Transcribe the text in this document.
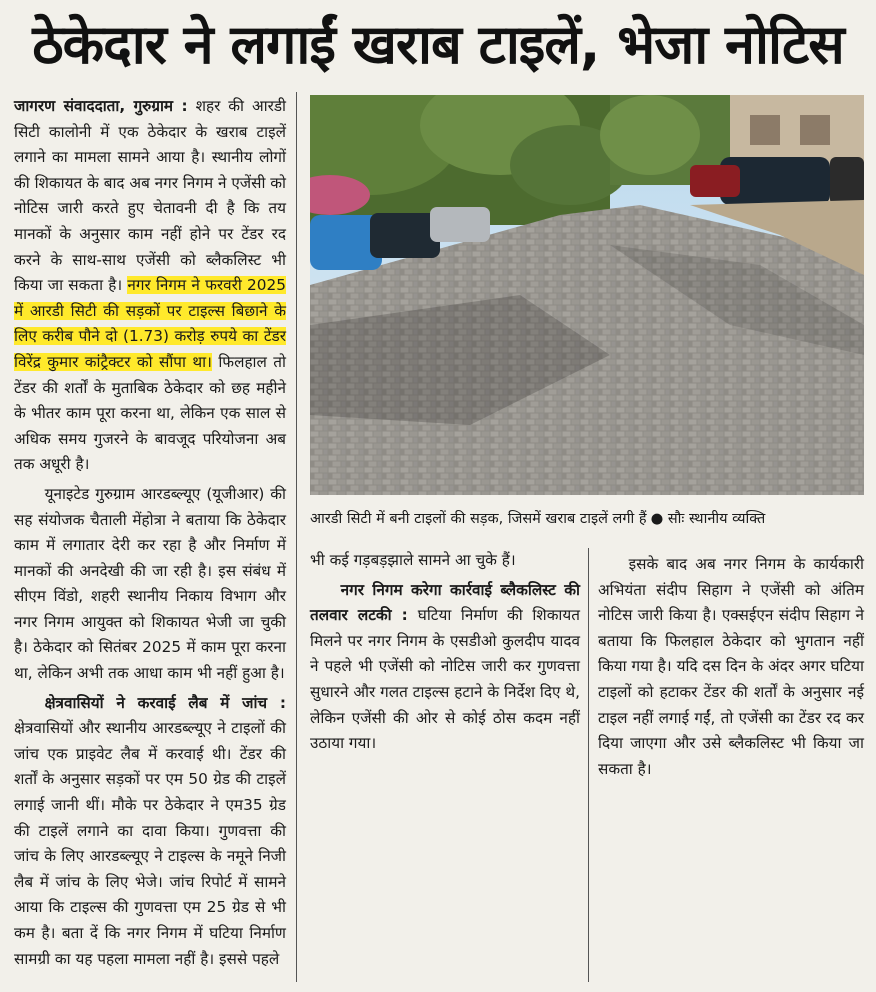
ठेकेदार ने लगाईं खराब टाइलें, भेजा नोटिस

जागरण संवाददाता, गुरुग्राम : शहर की आरडी सिटी कालोनी में एक ठेकेदार के खराब टाइलें लगाने का मामला सामने आया है। स्थानीय लोगों की शिकायत के बाद अब नगर निगम ने एजेंसी को नोटिस जारी करते हुए चेतावनी दी है कि तय मानकों के अनुसार काम नहीं होने पर टेंडर रद करने के साथ-साथ एजेंसी को ब्लैकलिस्ट भी किया जा सकता है। नगर निगम ने फरवरी 2025 में आरडी सिटी की सड़कों पर टाइल्स बिछाने के लिए करीब पौने दो (1.73) करोड़ रुपये का टेंडर विरेंद्र कुमार कांट्रैक्टर को सौंपा था। फिलहाल तो टेंडर की शर्तों के मुताबिक ठेकेदार को छह महीने के भीतर काम पूरा करना था, लेकिन एक साल से अधिक समय गुजरने के बावजूद परियोजना अब तक अधूरी है।

यूनाइटेड गुरुग्राम आरडब्ल्यूए (यूजीआर) की सह संयोजक चैताली मेंहोत्रा ने बताया कि ठेकेदार काम में लगातार देरी कर रहा है और निर्माण में मानकों की अनदेखी की जा रही है। इस संबंध में सीएम विंडो, शहरी स्थानीय निकाय विभाग और नगर निगम आयुक्त को शिकायत भेजी जा चुकी है। ठेकेदार को सितंबर 2025 में काम पूरा करना था, लेकिन अभी तक आधा काम भी नहीं हुआ है।

क्षेत्रवासियों ने करवाई लैब में जांच : क्षेत्रवासियों और स्थानीय आरडब्ल्यूए ने टाइलों की जांच एक प्राइवेट लैब में करवाई थी। टेंडर की शर्तों के अनुसार सड़कों पर एम 50 ग्रेड की टाइलें लगाई जानी थीं। मौके पर ठेकेदार ने एम35 ग्रेड की टाइलें लगाने का दावा किया। गुणवत्ता की जांच के लिए आरडब्ल्यूए ने टाइल्स के नमूने निजी लैब में जांच के लिए भेजे। जांच रिपोर्ट में सामने आया कि टाइल्स की गुणवत्ता एम 25 ग्रेड से भी कम है। बता दें कि नगर निगम में घटिया निर्माण सामग्री का यह पहला मामला नहीं है। इससे पहले

आरडी सिटी में बनी टाइलों की सड़क, जिसमें खराब टाइलें लगी हैं ● सौः स्थानीय व्यक्ति

भी कई गड़बड़झाले सामने आ चुके हैं।

नगर निगम करेगा कार्रवाई ब्लैकलिस्ट की तलवार लटकी : घटिया निर्माण की शिकायत मिलने पर नगर निगम के एसडीओ कुलदीप यादव ने पहले भी एजेंसी को नोटिस जारी कर गुणवत्ता सुधारने और गलत टाइल्स हटाने के निर्देश दिए थे, लेकिन एजेंसी की ओर से कोई ठोस कदम नहीं उठाया गया।

इसके बाद अब नगर निगम के कार्यकारी अभियंता संदीप सिहाग ने एजेंसी को अंतिम नोटिस जारी किया है। एक्सईएन संदीप सिहाग ने बताया कि फिलहाल ठेकेदार को भुगतान नहीं किया गया है। यदि दस दिन के अंदर अगर घटिया टाइलों को हटाकर टेंडर की शर्तों के अनुसार नई टाइल नहीं लगाई गईं, तो एजेंसी का टेंडर रद कर दिया जाएगा और उसे ब्लैकलिस्ट भी किया जा सकता है।
